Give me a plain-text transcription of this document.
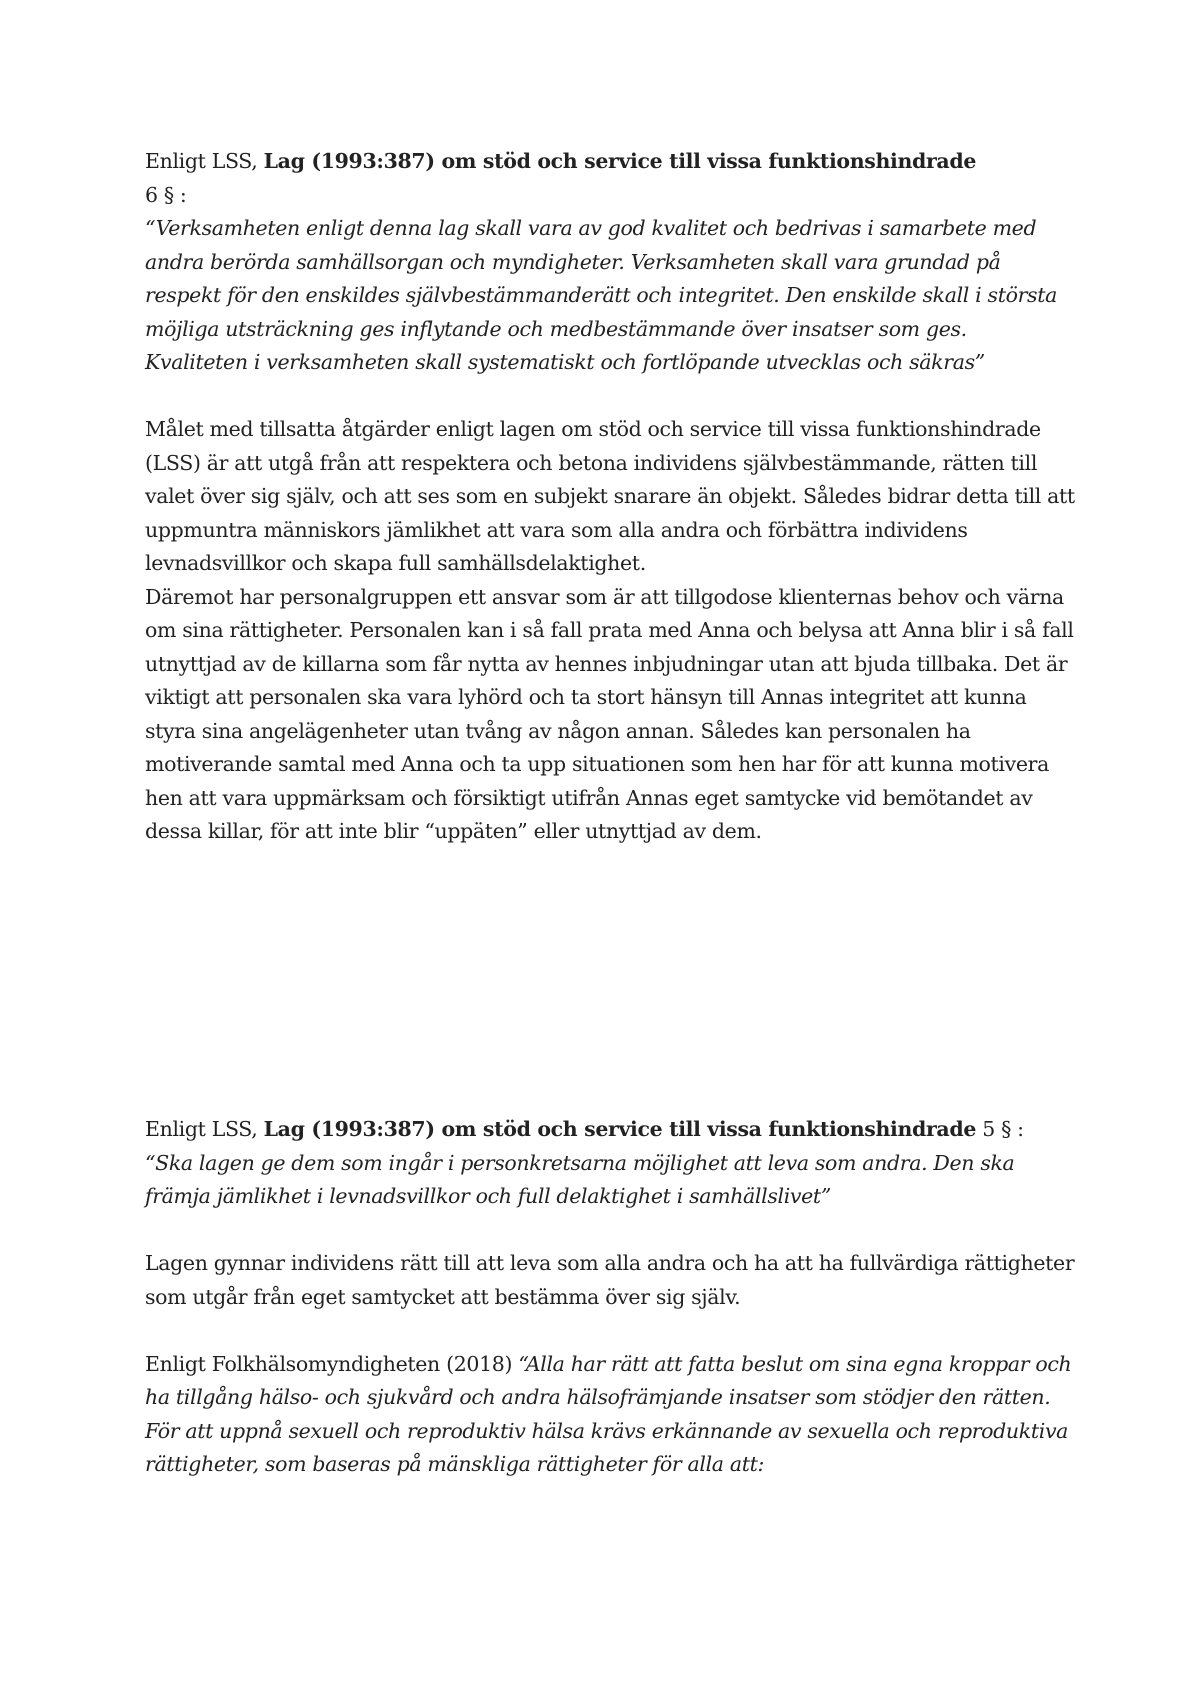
Enligt LSS, Lag (1993:387) om stöd och service till vissa funktionshindrade

6 § :

“Verksamheten enligt denna lag skall vara av god kvalitet och bedrivas i samarbete med andra berörda samhällsorgan och myndigheter. Verksamheten skall vara grundad på respekt för den enskildes självbestämmanderätt och integritet. Den enskilde skall i största möjliga utsträckning ges inflytande och medbestämmande över insatser som ges. Kvaliteten i verksamheten skall systematiskt och fortlöpande utvecklas och säkras”

Målet med tillsatta åtgärder enligt lagen om stöd och service till vissa funktionshindrade (LSS) är att utgå från att respektera och betona individens självbestämmande, rätten till valet över sig själv, och att ses som en subjekt snarare än objekt. Således bidrar detta till att uppmuntra människors jämlikhet att vara som alla andra och förbättra individens levnadsvillkor och skapa full samhällsdelaktighet.

Däremot har personalgruppen ett ansvar som är att tillgodose klienternas behov och värna om sina rättigheter. Personalen kan i så fall prata med Anna och belysa att Anna blir i så fall utnyttjad av de killarna som får nytta av hennes inbjudningar utan att bjuda tillbaka. Det är viktigt att personalen ska vara lyhörd och ta stort hänsyn till Annas integritet att kunna styra sina angelägenheter utan tvång av någon annan. Således kan personalen ha motiverande samtal med Anna och ta upp situationen som hen har för att kunna motivera hen att vara uppmärksam och försiktigt utifrån Annas eget samtycke vid bemötandet av dessa killar, för att inte blir “uppäten” eller utnyttjad av dem.

Enligt LSS, Lag (1993:387) om stöd och service till vissa funktionshindrade 5 § :

“Ska lagen ge dem som ingår i personkretsarna möjlighet att leva som andra. Den ska främja jämlikhet i levnadsvillkor och full delaktighet i samhällslivet”

Lagen gynnar individens rätt till att leva som alla andra och ha att ha fullvärdiga rättigheter som utgår från eget samtycket att bestämma över sig själv.

Enligt Folkhälsomyndigheten (2018) “Alla har rätt att fatta beslut om sina egna kroppar och ha tillgång hälso- och sjukvård och andra hälsofrämjande insatser som stödjer den rätten. För att uppnå sexuell och reproduktiv hälsa krävs erkännande av sexuella och reproduktiva rättigheter, som baseras på mänskliga rättigheter för alla att:
